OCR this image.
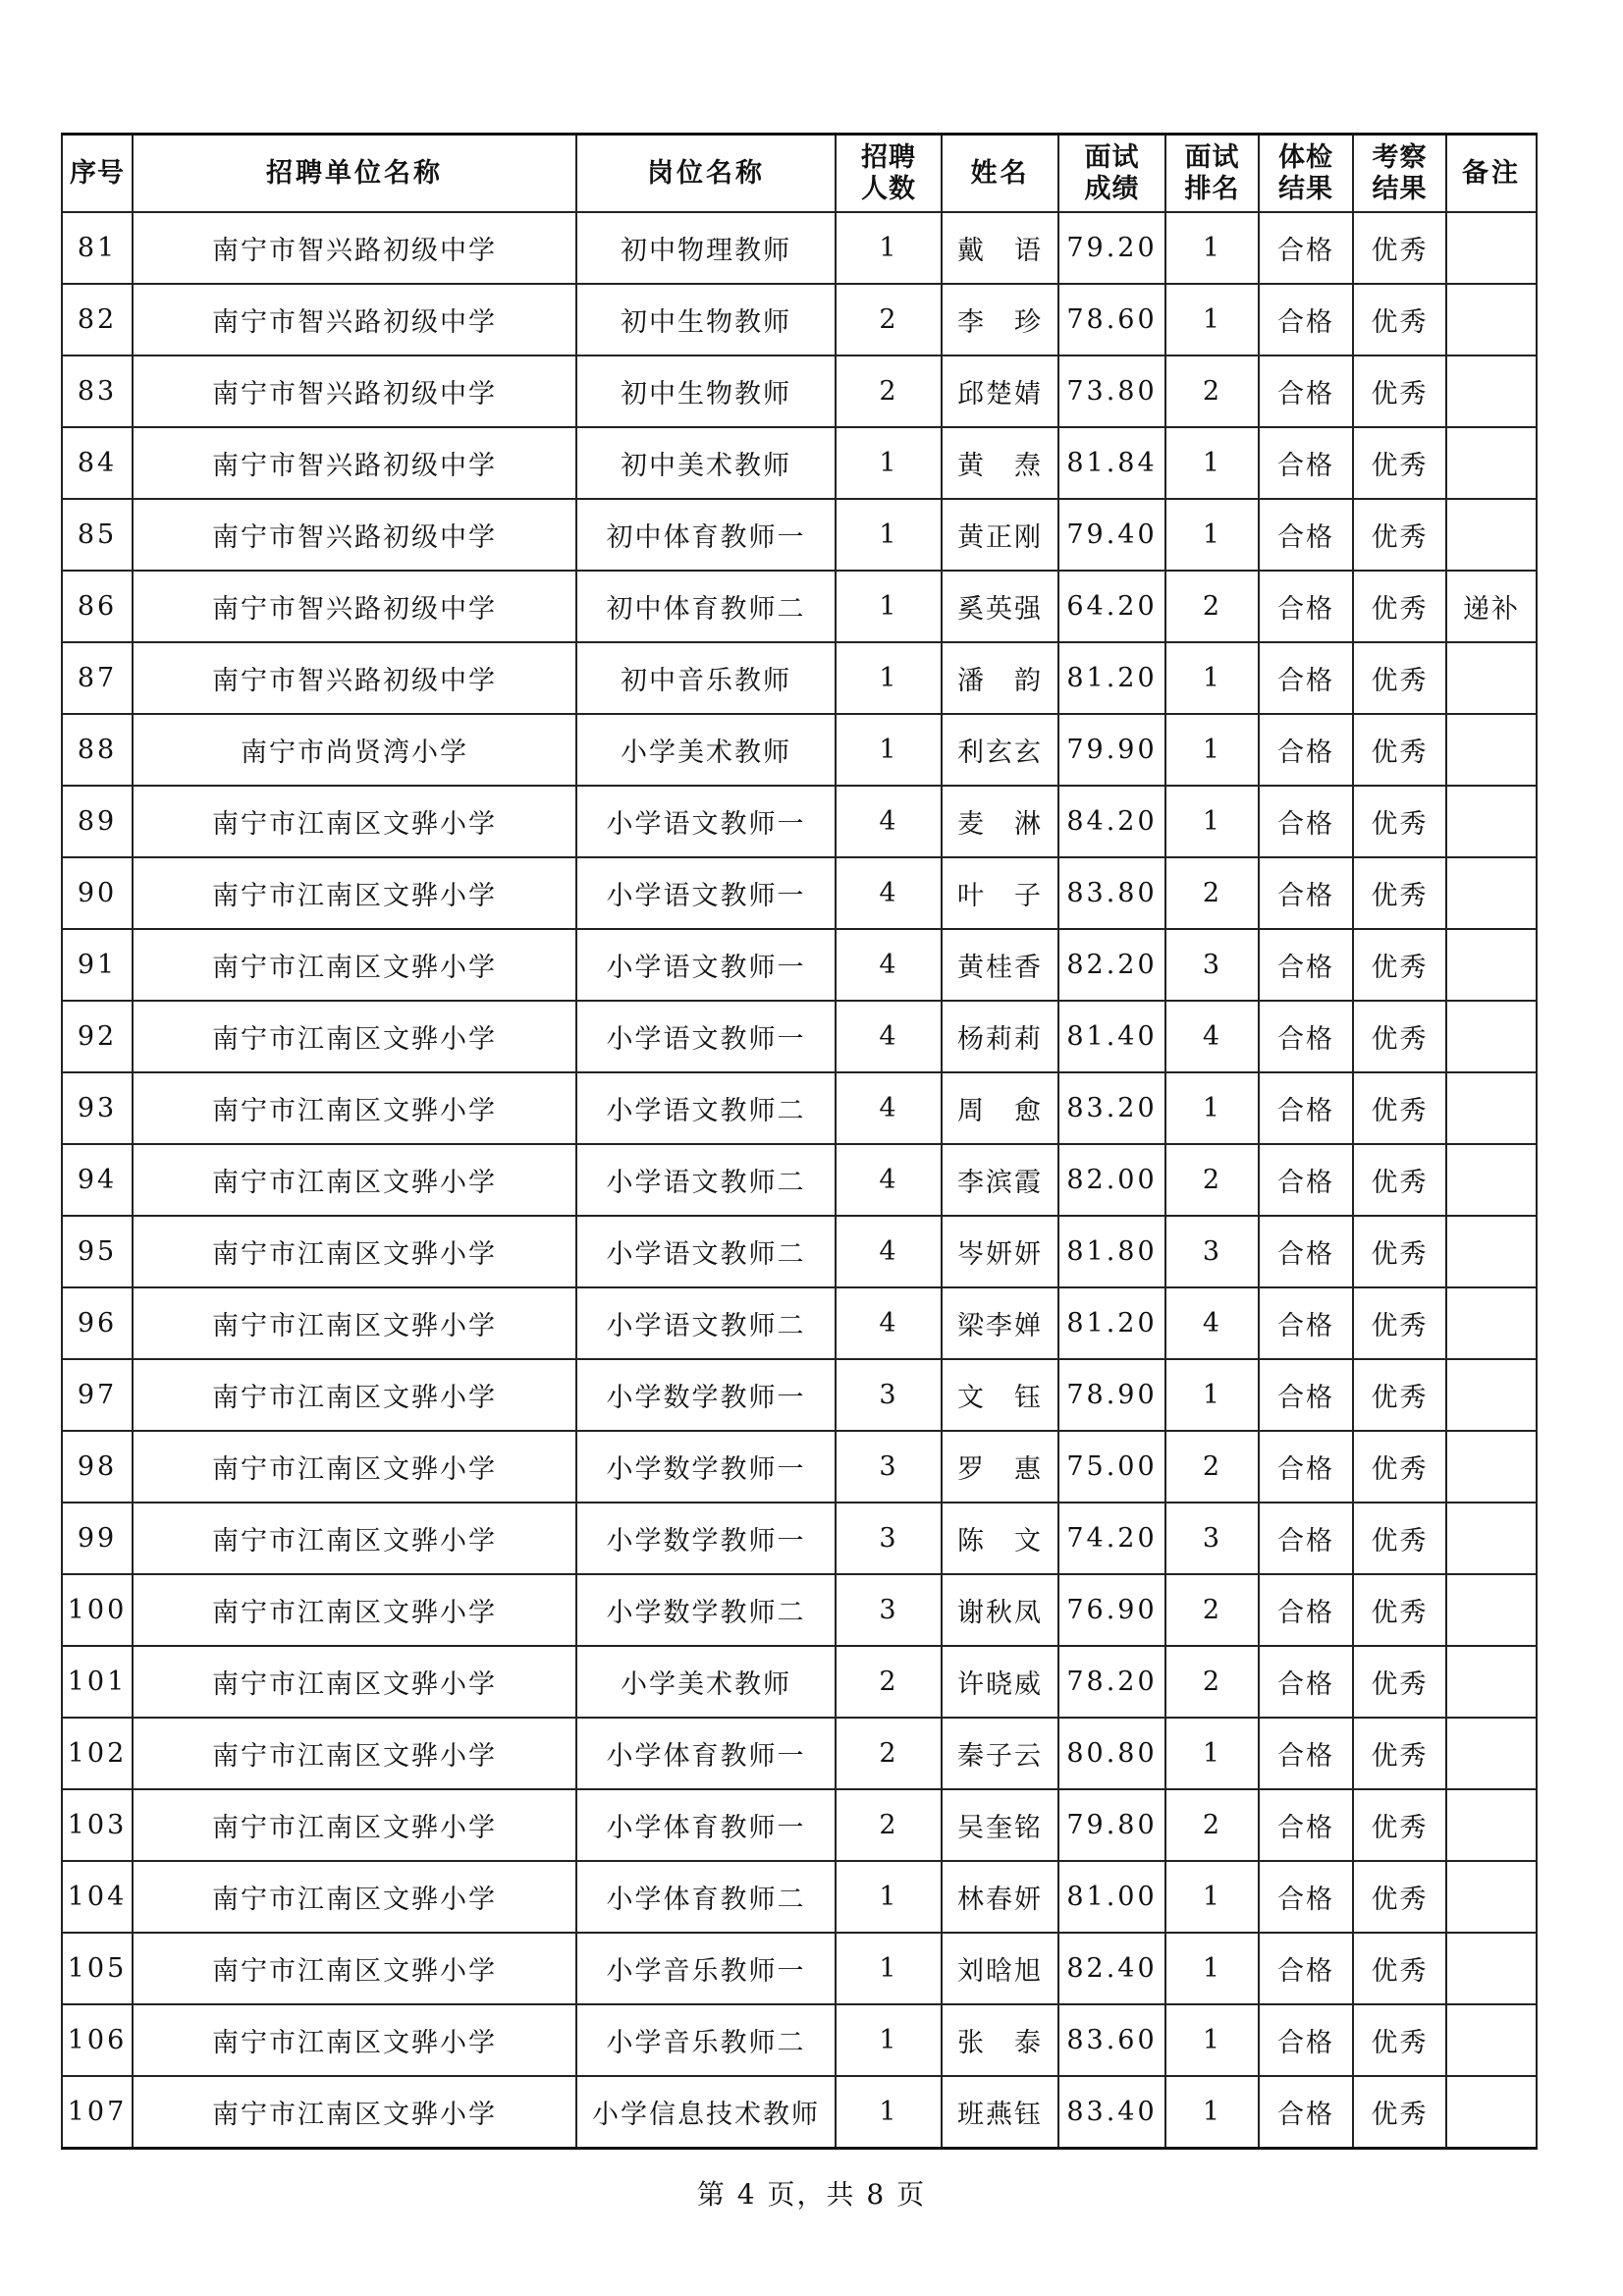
序号	招聘单位名称	岗位名称	招聘人数	姓名	面试成绩	面试排名	体检结果	考察结果	备注
81	南宁市智兴路初级中学	初中物理教师	1	戴　语	79.20	1	合格	优秀	
82	南宁市智兴路初级中学	初中生物教师	2	李　珍	78.60	1	合格	优秀	
83	南宁市智兴路初级中学	初中生物教师	2	邱楚婧	73.80	2	合格	优秀	
84	南宁市智兴路初级中学	初中美术教师	1	黄　焘	81.84	1	合格	优秀	
85	南宁市智兴路初级中学	初中体育教师一	1	黄正刚	79.40	1	合格	优秀	
86	南宁市智兴路初级中学	初中体育教师二	1	奚英强	64.20	2	合格	优秀	递补
87	南宁市智兴路初级中学	初中音乐教师	1	潘　韵	81.20	1	合格	优秀	
88	南宁市尚贤湾小学	小学美术教师	1	利玄玄	79.90	1	合格	优秀	
89	南宁市江南区文骅小学	小学语文教师一	4	麦　淋	84.20	1	合格	优秀	
90	南宁市江南区文骅小学	小学语文教师一	4	叶　子	83.80	2	合格	优秀	
91	南宁市江南区文骅小学	小学语文教师一	4	黄桂香	82.20	3	合格	优秀	
92	南宁市江南区文骅小学	小学语文教师一	4	杨莉莉	81.40	4	合格	优秀	
93	南宁市江南区文骅小学	小学语文教师二	4	周　愈	83.20	1	合格	优秀	
94	南宁市江南区文骅小学	小学语文教师二	4	李滨霞	82.00	2	合格	优秀	
95	南宁市江南区文骅小学	小学语文教师二	4	岑妍妍	81.80	3	合格	优秀	
96	南宁市江南区文骅小学	小学语文教师二	4	梁李婵	81.20	4	合格	优秀	
97	南宁市江南区文骅小学	小学数学教师一	3	文　钰	78.90	1	合格	优秀	
98	南宁市江南区文骅小学	小学数学教师一	3	罗　惠	75.00	2	合格	优秀	
99	南宁市江南区文骅小学	小学数学教师一	3	陈　文	74.20	3	合格	优秀	
100	南宁市江南区文骅小学	小学数学教师二	3	谢秋凤	76.90	2	合格	优秀	
101	南宁市江南区文骅小学	小学美术教师	2	许晓威	78.20	2	合格	优秀	
102	南宁市江南区文骅小学	小学体育教师一	2	秦子云	80.80	1	合格	优秀	
103	南宁市江南区文骅小学	小学体育教师一	2	吴奎铭	79.80	2	合格	优秀	
104	南宁市江南区文骅小学	小学体育教师二	1	林春妍	81.00	1	合格	优秀	
105	南宁市江南区文骅小学	小学音乐教师一	1	刘晗旭	82.40	1	合格	优秀	
106	南宁市江南区文骅小学	小学音乐教师二	1	张　泰	83.60	1	合格	优秀	
107	南宁市江南区文骅小学	小学信息技术教师	1	班燕钰	83.40	1	合格	优秀	
第 4 页，共 8 页
